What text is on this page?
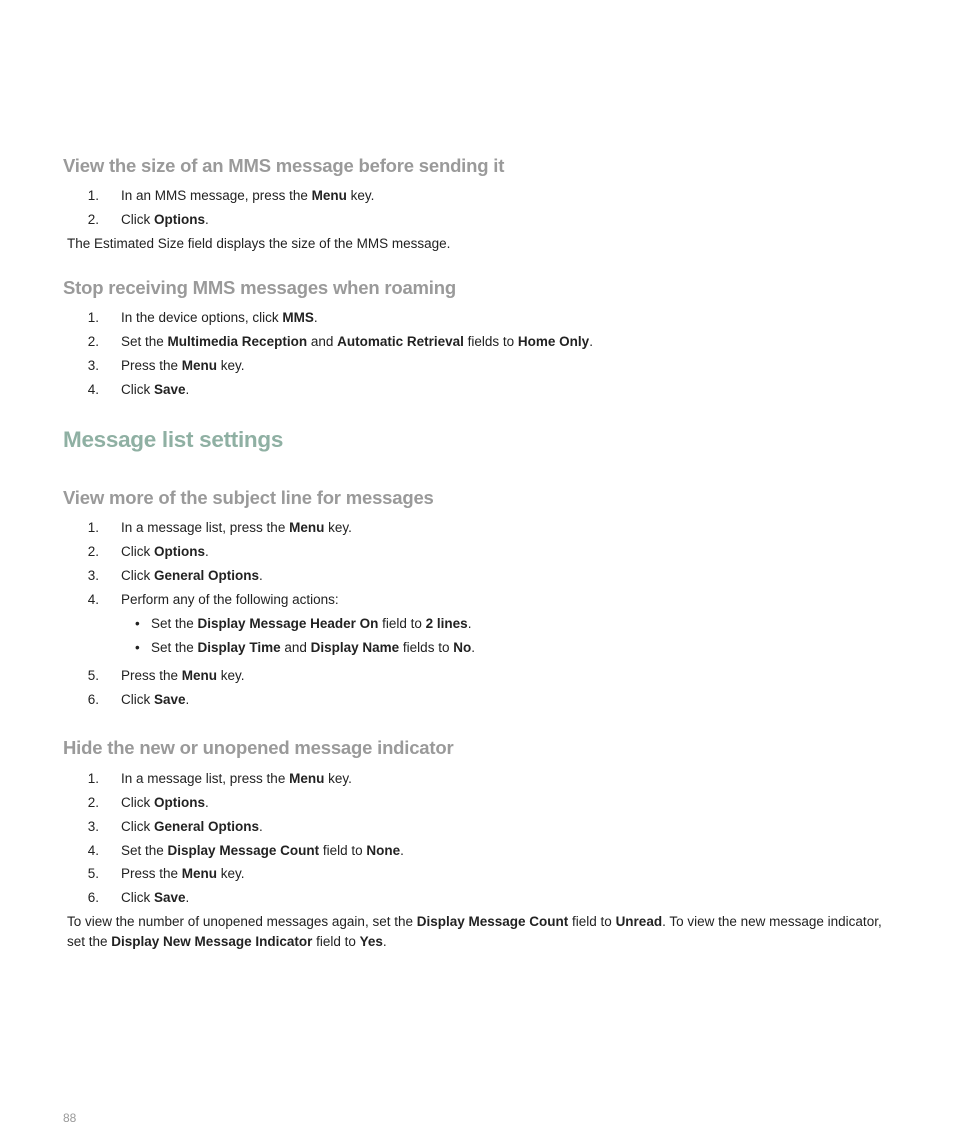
View the size of an MMS message before sending it
1. In an MMS message, press the Menu key.
2. Click Options.
The Estimated Size field displays the size of the MMS message.
Stop receiving MMS messages when roaming
1. In the device options, click MMS.
2. Set the Multimedia Reception and Automatic Retrieval fields to Home Only.
3. Press the Menu key.
4. Click Save.
Message list settings
View more of the subject line for messages
1. In a message list, press the Menu key.
2. Click Options.
3. Click General Options.
4. Perform any of the following actions:
• Set the Display Message Header On field to 2 lines.
• Set the Display Time and Display Name fields to No.
5. Press the Menu key.
6. Click Save.
Hide the new or unopened message indicator
1. In a message list, press the Menu key.
2. Click Options.
3. Click General Options.
4. Set the Display Message Count field to None.
5. Press the Menu key.
6. Click Save.
To view the number of unopened messages again, set the Display Message Count field to Unread. To view the new message indicator, set the Display New Message Indicator field to Yes.
88
